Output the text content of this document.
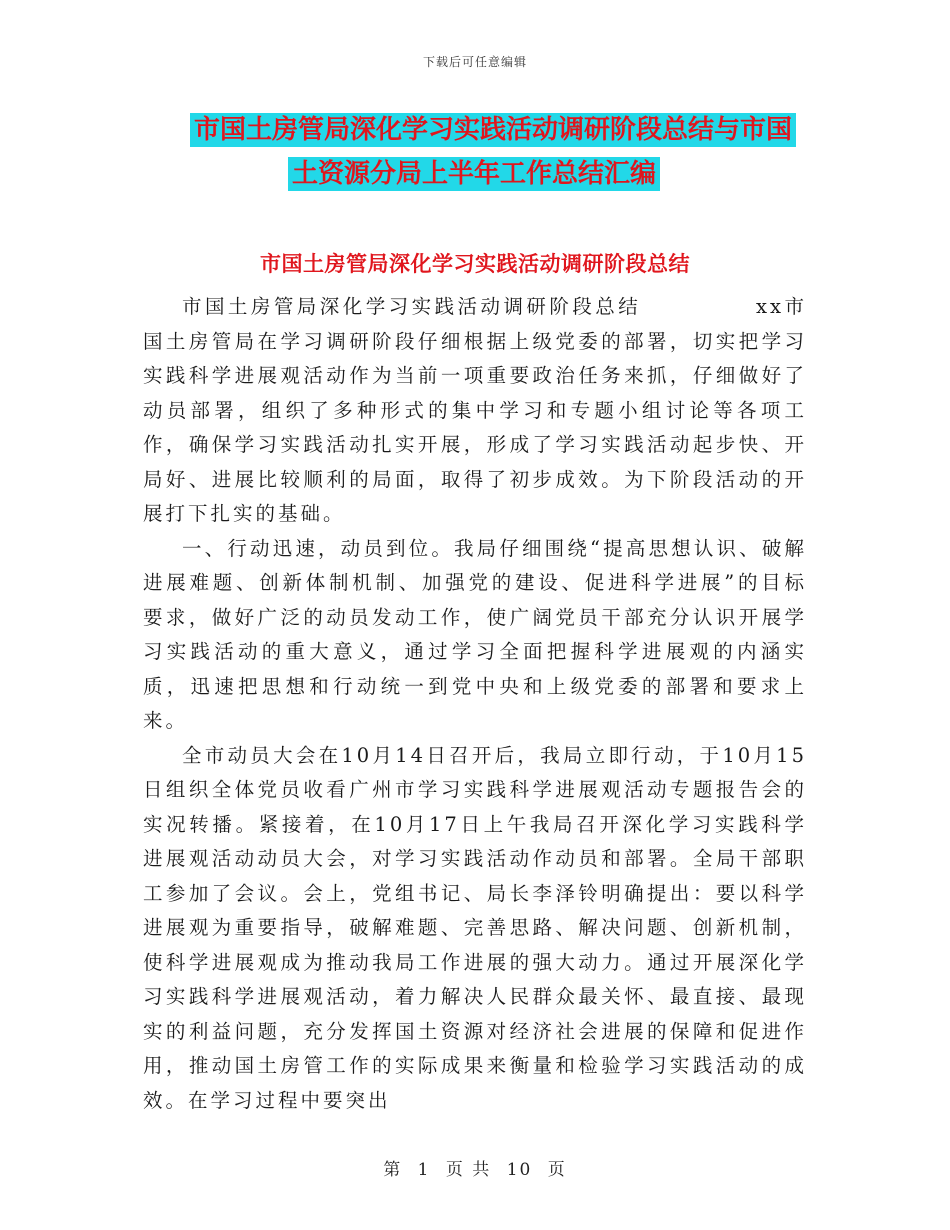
下载后可任意编辑
市国土房管局深化学习实践活动调研阶段总结与市国
土资源分局上半年工作总结汇编
市国土房管局深化学习实践活动调研阶段总结

市国土房管局深化学习实践活动调研阶段总结　　　　　xx市国土房管局在学习调研阶段仔细根据上级党委的部署，切实把学习实践科学进展观活动作为当前一项重要政治任务来抓，仔细做好了动员部署，组织了多种形式的集中学习和专题小组讨论等各项工作，确保学习实践活动扎实开展，形成了学习实践活动起步快、开局好、进展比较顺利的局面，取得了初步成效。为下阶段活动的开展打下扎实的基础。

一、行动迅速，动员到位。我局仔细围绕“提高思想认识、破解进展难题、创新体制机制、加强党的建设、促进科学进展”的目标要求，做好广泛的动员发动工作，使广阔党员干部充分认识开展学习实践活动的重大意义，通过学习全面把握科学进展观的内涵实质，迅速把思想和行动统一到党中央和上级党委的部署和要求上来。

全市动员大会在10月14日召开后，我局立即行动，于10月15日组织全体党员收看广州市学习实践科学进展观活动专题报告会的实况转播。紧接着，在10月17日上午我局召开深化学习实践科学进展观活动动员大会，对学习实践活动作动员和部署。全局干部职工参加了会议。会上，党组书记、局长李泽铃明确提出：要以科学进展观为重要指导，破解难题、完善思路、解决问题、创新机制，使科学进展观成为推动我局工作进展的强大动力。通过开展深化学习实践科学进展观活动，着力解决人民群众最关怀、最直接、最现实的利益问题，充分发挥国土资源对经济社会进展的保障和促进作用，推动国土房管工作的实际成果来衡量和检验学习实践活动的成效。在学习过程中要突出

第 1 页 共 10 页
